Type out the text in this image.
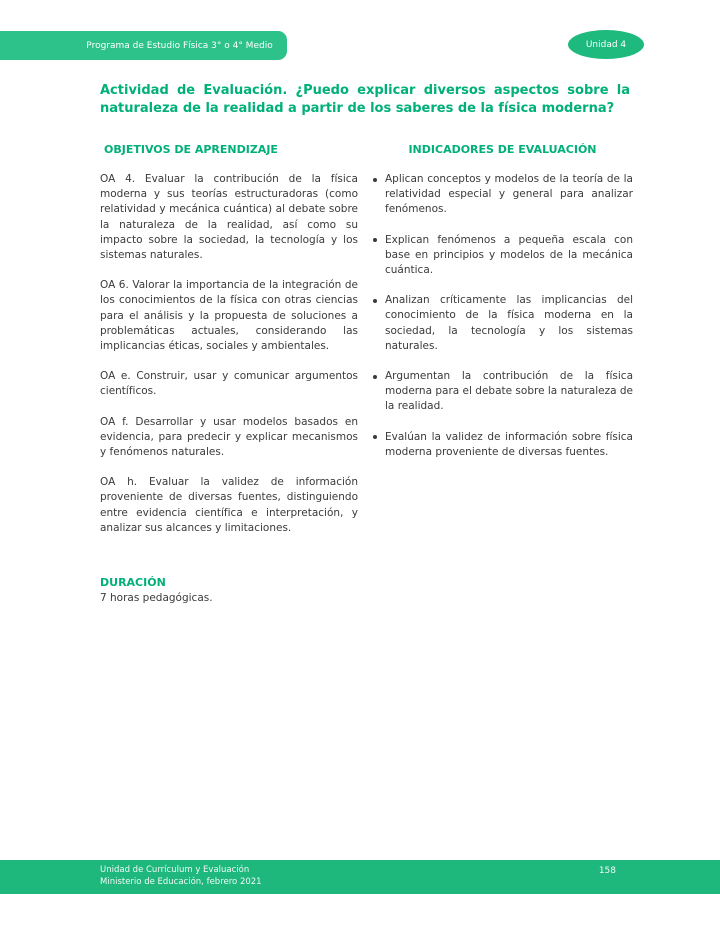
Programa de Estudio Física 3° o 4° Medio	Unidad 4
Actividad de Evaluación. ¿Puedo explicar diversos aspectos sobre la naturaleza de la realidad a partir de los saberes de la física moderna?
OBJETIVOS DE APRENDIZAJE

OA 4. Evaluar la contribución de la física moderna y sus teorías estructuradoras (como relatividad y mecánica cuántica) al debate sobre la naturaleza de la realidad, así como su impacto sobre la sociedad, la tecnología y los sistemas naturales.

OA 6. Valorar la importancia de la integración de los conocimientos de la física con otras ciencias para el análisis y la propuesta de soluciones a problemáticas actuales, considerando las implicancias éticas, sociales y ambientales.

OA e. Construir, usar y comunicar argumentos científicos.

OA f. Desarrollar y usar modelos basados en evidencia, para predecir y explicar mecanismos y fenómenos naturales.

OA h. Evaluar la validez de información proveniente de diversas fuentes, distinguiendo entre evidencia científica e interpretación, y analizar sus alcances y limitaciones.

INDICADORES DE EVALUACIÓN

Aplican conceptos y modelos de la teoría de la relatividad especial y general para analizar fenómenos.

Explican fenómenos a pequeña escala con base en principios y modelos de la mecánica cuántica.

Analizan críticamente las implicancias del conocimiento de la física moderna en la sociedad, la tecnología y los sistemas naturales.

Argumentan la contribución de la física moderna para el debate sobre la naturaleza de la realidad.

Evalúan la validez de información sobre física moderna proveniente de diversas fuentes.

DURACIÓN

7 horas pedagógicas.

Unidad de Currículum y Evaluación
Ministerio de Educación, febrero 2021
158
